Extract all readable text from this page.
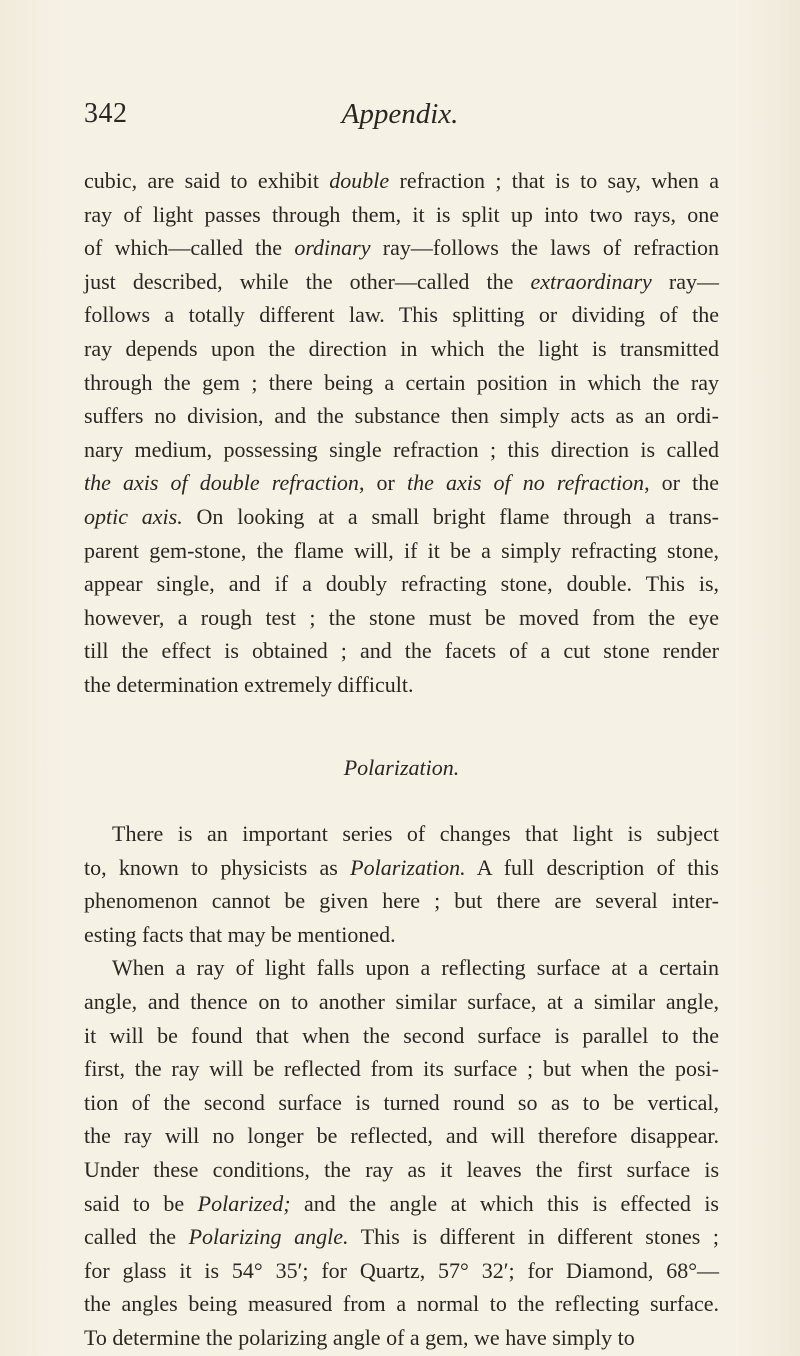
342	Appendix.
cubic, are said to exhibit double refraction ; that is to say, when a
ray of light passes through them, it is split up into two rays, one
of which—called the ordinary ray—follows the laws of refraction
just described, while the other—called the extraordinary ray—
follows a totally different law. This splitting or dividing of the
ray depends upon the direction in which the light is transmitted
through the gem ; there being a certain position in which the ray
suffers no division, and the substance then simply acts as an ordi-
nary medium, possessing single refraction ; this direction is called
the axis of double refraction, or the axis of no refraction, or the
optic axis. On looking at a small bright flame through a trans-
parent gem-stone, the flame will, if it be a simply refracting stone,
appear single, and if a doubly refracting stone, double. This is,
however, a rough test ; the stone must be moved from the eye
till the effect is obtained ; and the facets of a cut stone render
the determination extremely difficult.
Polarization.
There is an important series of changes that light is subject
to, known to physicists as Polarization. A full description of this
phenomenon cannot be given here ; but there are several inter-
esting facts that may be mentioned.
When a ray of light falls upon a reflecting surface at a certain
angle, and thence on to another similar surface, at a similar angle,
it will be found that when the second surface is parallel to the
first, the ray will be reflected from its surface ; but when the posi-
tion of the second surface is turned round so as to be vertical,
the ray will no longer be reflected, and will therefore disappear.
Under these conditions, the ray as it leaves the first surface is
said to be Polarized; and the angle at which this is effected is
called the Polarizing angle. This is different in different stones ;
for glass it is 54° 35′; for Quartz, 57° 32′; for Diamond, 68°—
the angles being measured from a normal to the reflecting surface.
To determine the polarizing angle of a gem, we have simply to
